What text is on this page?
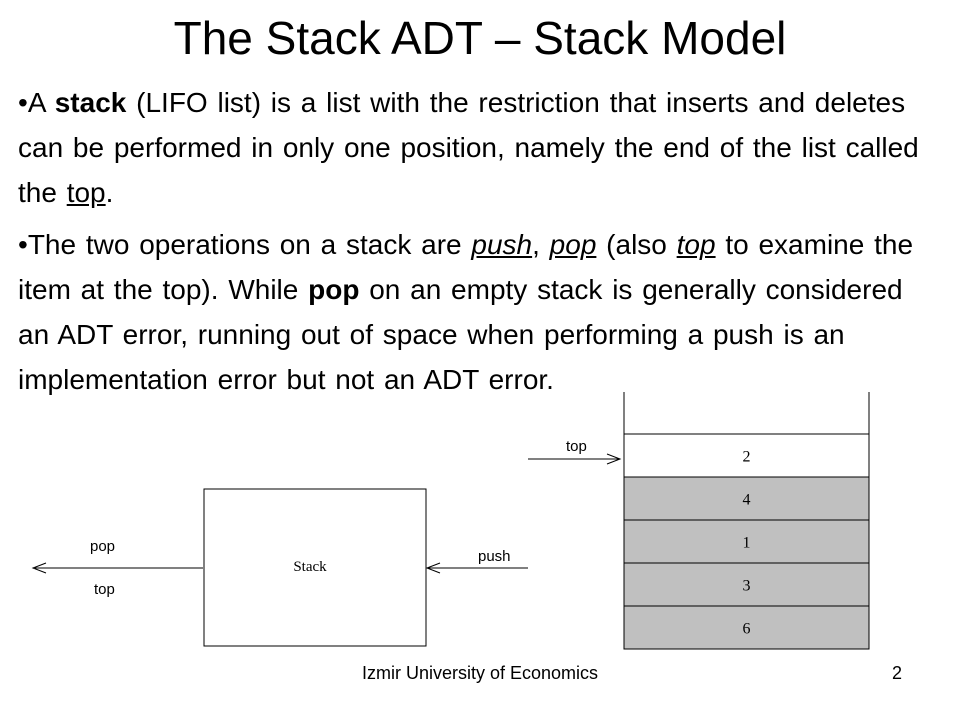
The Stack ADT – Stack Model
•A stack (LIFO list) is a list with the restriction that inserts and deletes can be performed in only one position, namely the end of the list called the top.
•The two operations on a stack are push, pop (also top to examine the item at the top). While pop on an empty stack is generally considered an ADT error, running out of space when performing a push is an implementation error but not an ADT error.
Stack
pop
top
push
2
4
1
3
6
top
Izmir University of Economics	2
